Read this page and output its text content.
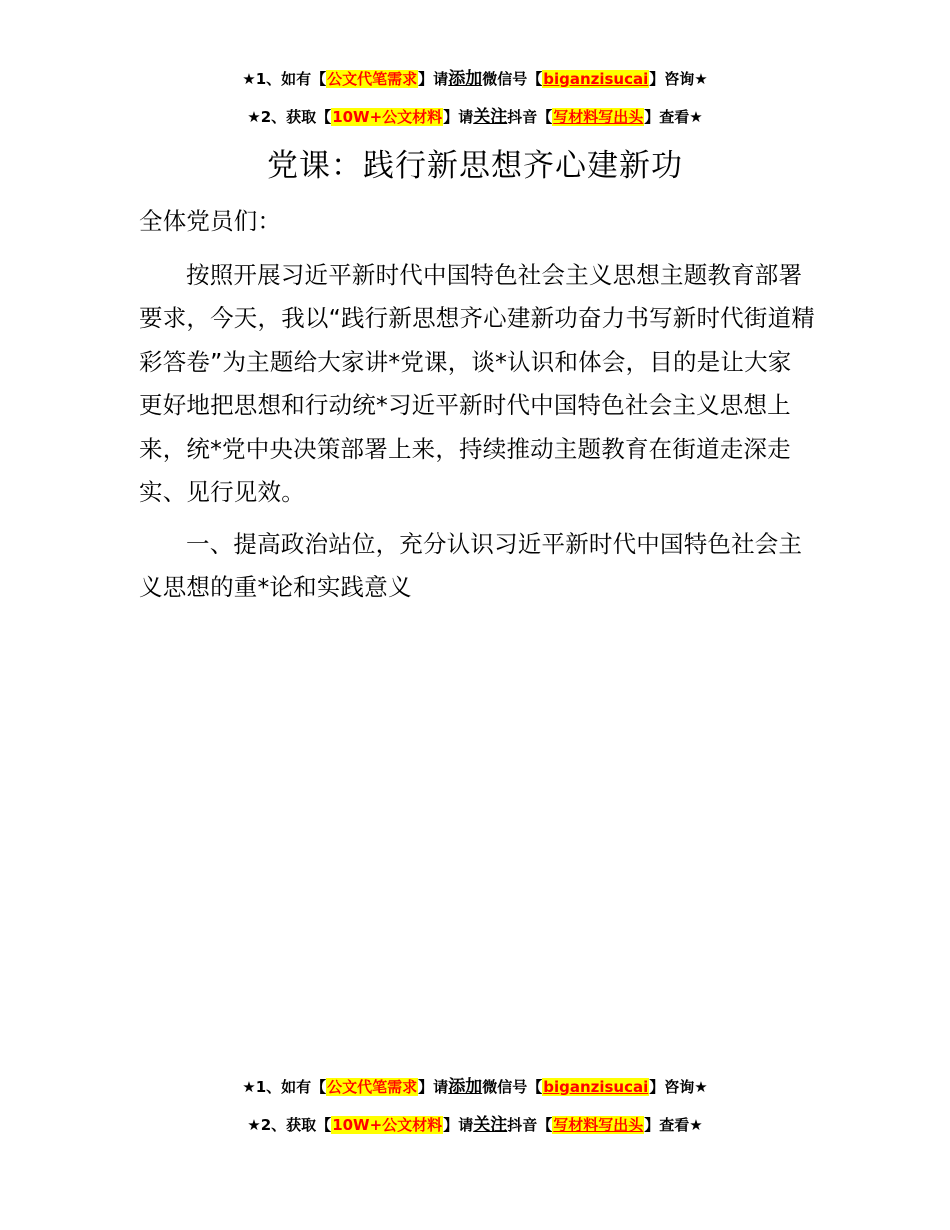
★1、如有【公文代笔需求】请添加微信号【biganzisucai】咨询★
★2、获取【10W+公文材料】请关注抖音【写材料写出头】查看★
党课：践行新思想齐心建新功

全体党员们：

按照开展习近平新时代中国特色社会主义思想主题教育部署要求，今天，我以“践行新思想齐心建新功奋力书写新时代街道精彩答卷”为主题给大家讲*党课，谈*认识和体会，目的是让大家更好地把思想和行动统*习近平新时代中国特色社会主义思想上来，统*党中央决策部署上来，持续推动主题教育在街道走深走实、见行见效。

一、提高政治站位，充分认识习近平新时代中国特色社会主义思想的重*论和实践意义

★1、如有【公文代笔需求】请添加微信号【biganzisucai】咨询★
★2、获取【10W+公文材料】请关注抖音【写材料写出头】查看★
